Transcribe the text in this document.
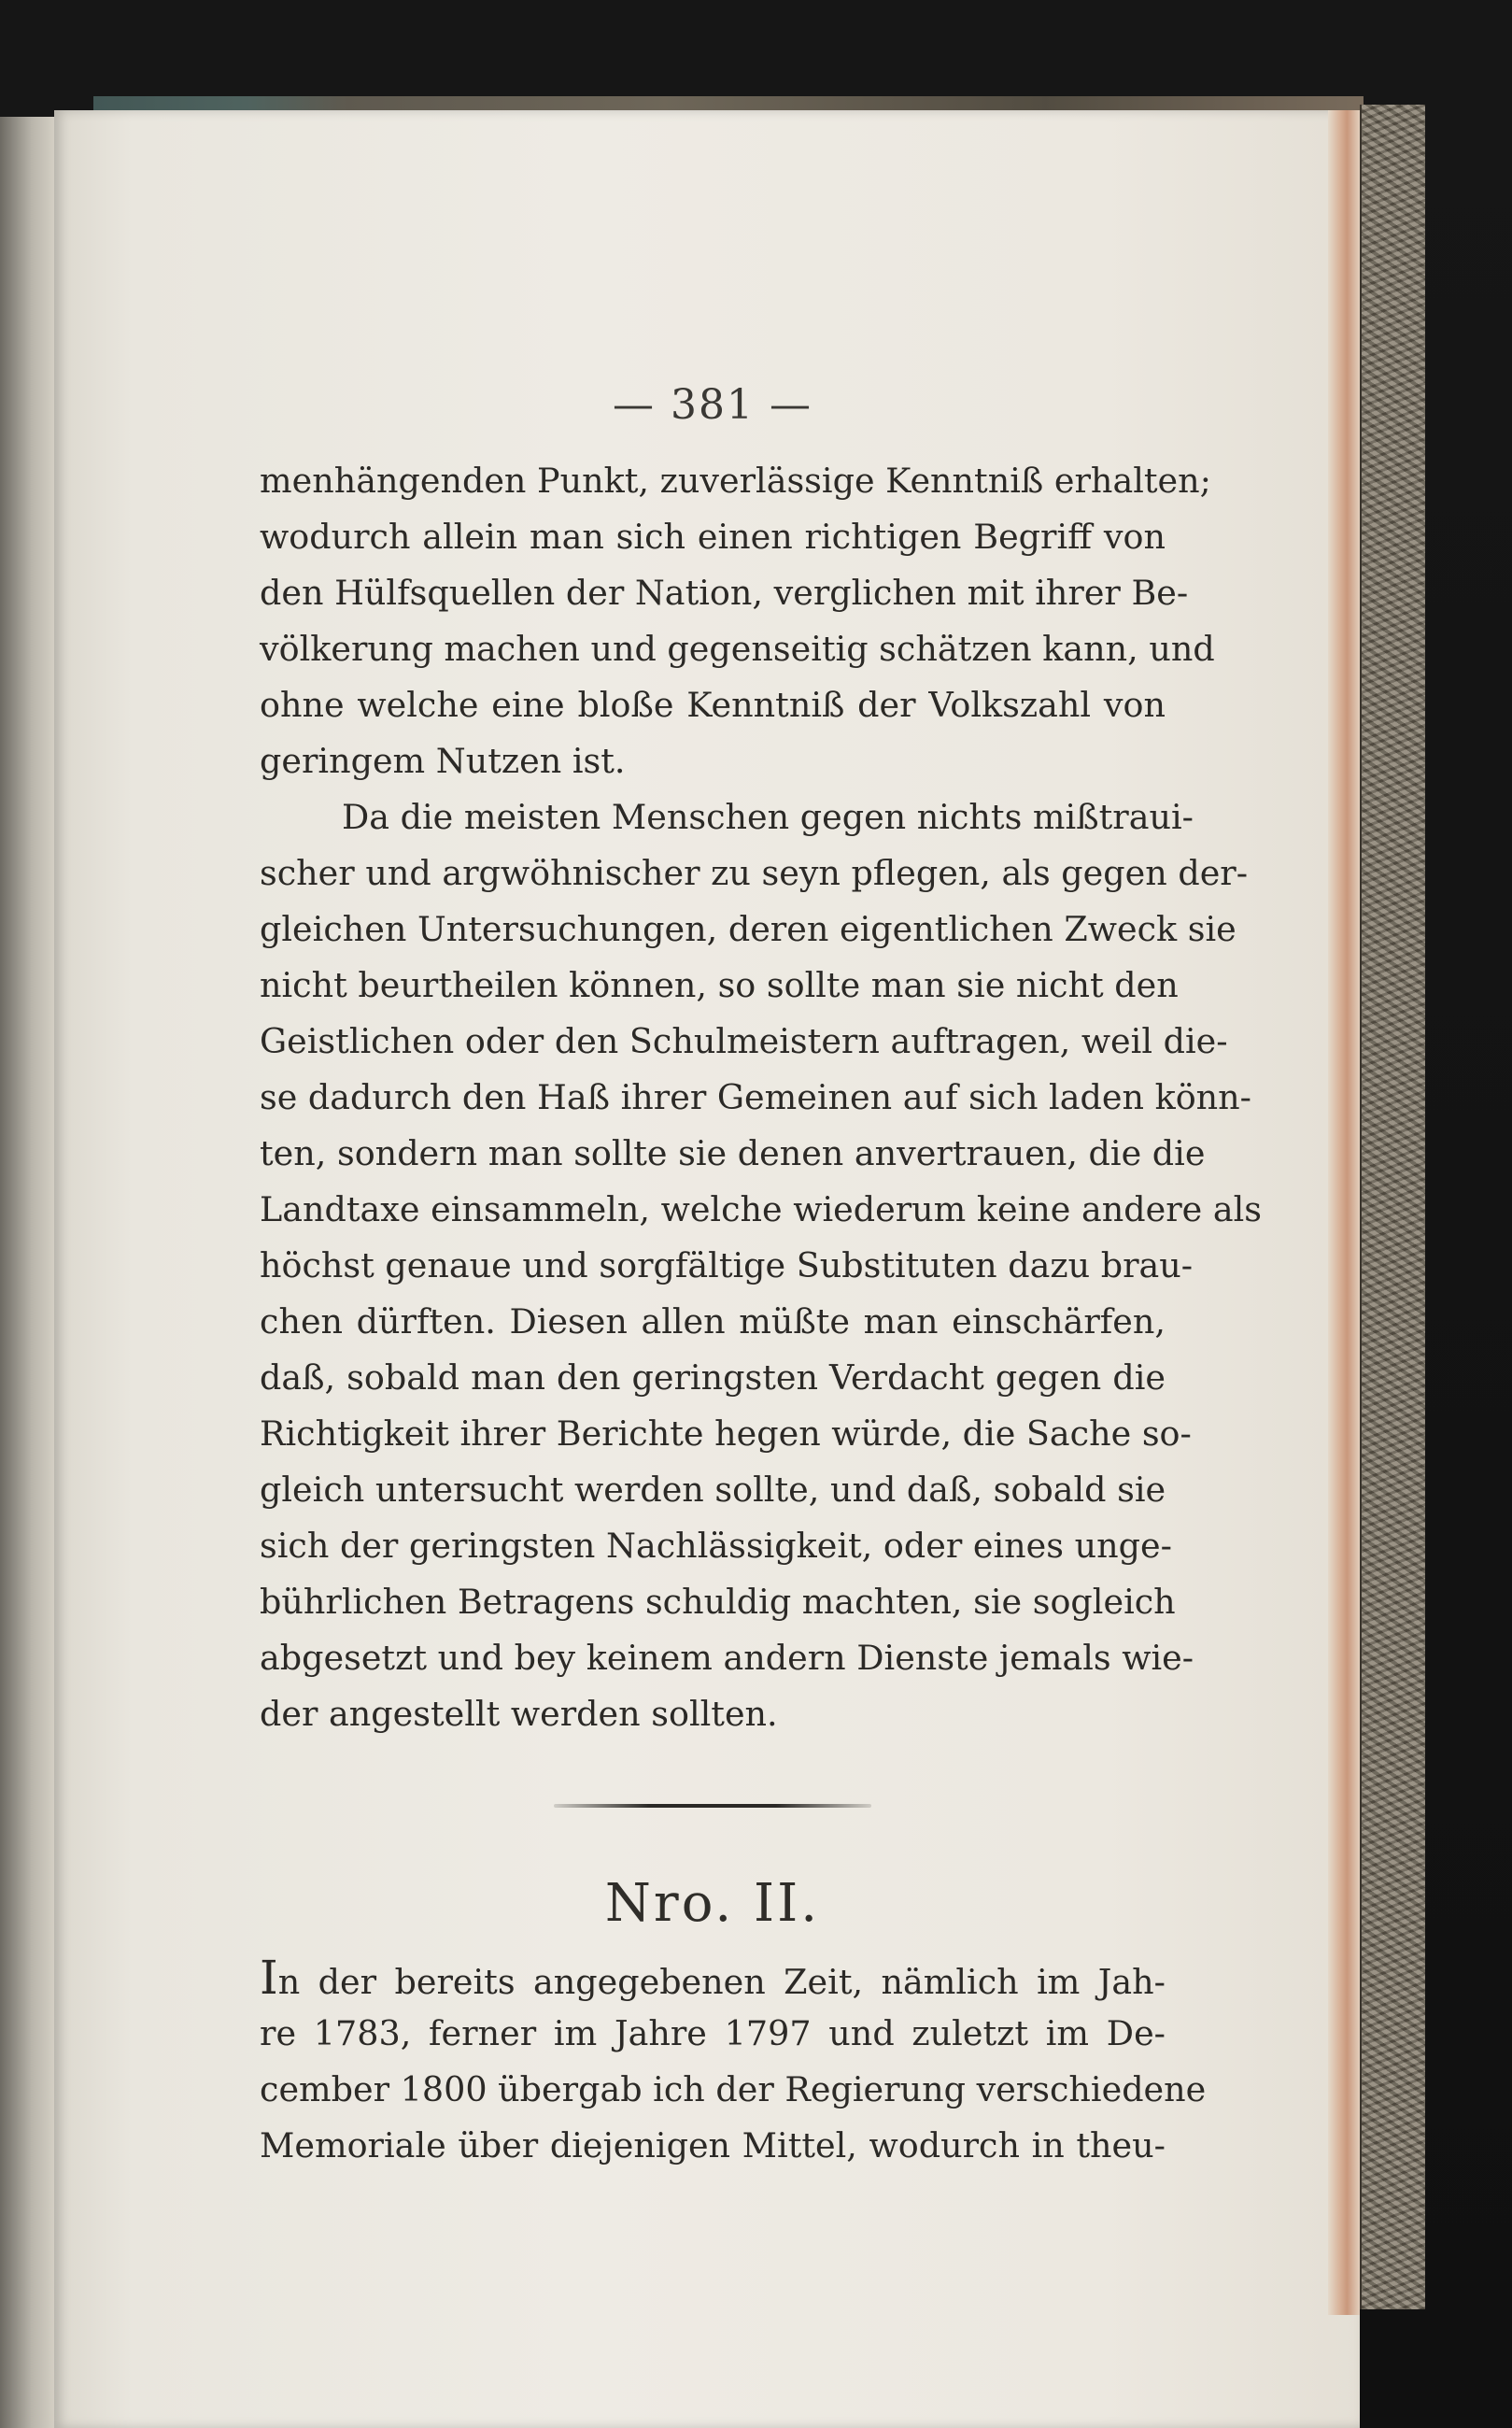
— 381 —

menhängenden Punkt, zuverlässige Kenntniß erhalten;

wodurch allein man sich einen richtigen Begriff von

den Hülfsquellen der Nation, verglichen mit ihrer Be-

völkerung machen und gegenseitig schätzen kann, und

ohne welche eine bloße Kenntniß der Volkszahl von

geringem Nutzen ist.

Da die meisten Menschen gegen nichts mißtraui-

scher und argwöhnischer zu seyn pflegen, als gegen der-

gleichen Untersuchungen, deren eigentlichen Zweck sie

nicht beurtheilen können, so sollte man sie nicht den

Geistlichen oder den Schulmeistern auftragen, weil die-

se dadurch den Haß ihrer Gemeinen auf sich laden könn-

ten, sondern man sollte sie denen anvertrauen, die die

Landtaxe einsammeln, welche wiederum keine andere als

höchst genaue und sorgfältige Substituten dazu brau-

chen dürften. Diesen allen müßte man einschärfen,

daß, sobald man den geringsten Verdacht gegen die

Richtigkeit ihrer Berichte hegen würde, die Sache so-

gleich untersucht werden sollte, und daß, sobald sie

sich der geringsten Nachlässigkeit, oder eines unge-

bührlichen Betragens schuldig machten, sie sogleich

abgesetzt und bey keinem andern Dienste jemals wie-

der angestellt werden sollten.

Nro. II.

In der bereits angegebenen Zeit, nämlich im Jah-

re 1783, ferner im Jahre 1797 und zuletzt im De-

cember 1800 übergab ich der Regierung verschiedene

Memoriale über diejenigen Mittel, wodurch in theu-
